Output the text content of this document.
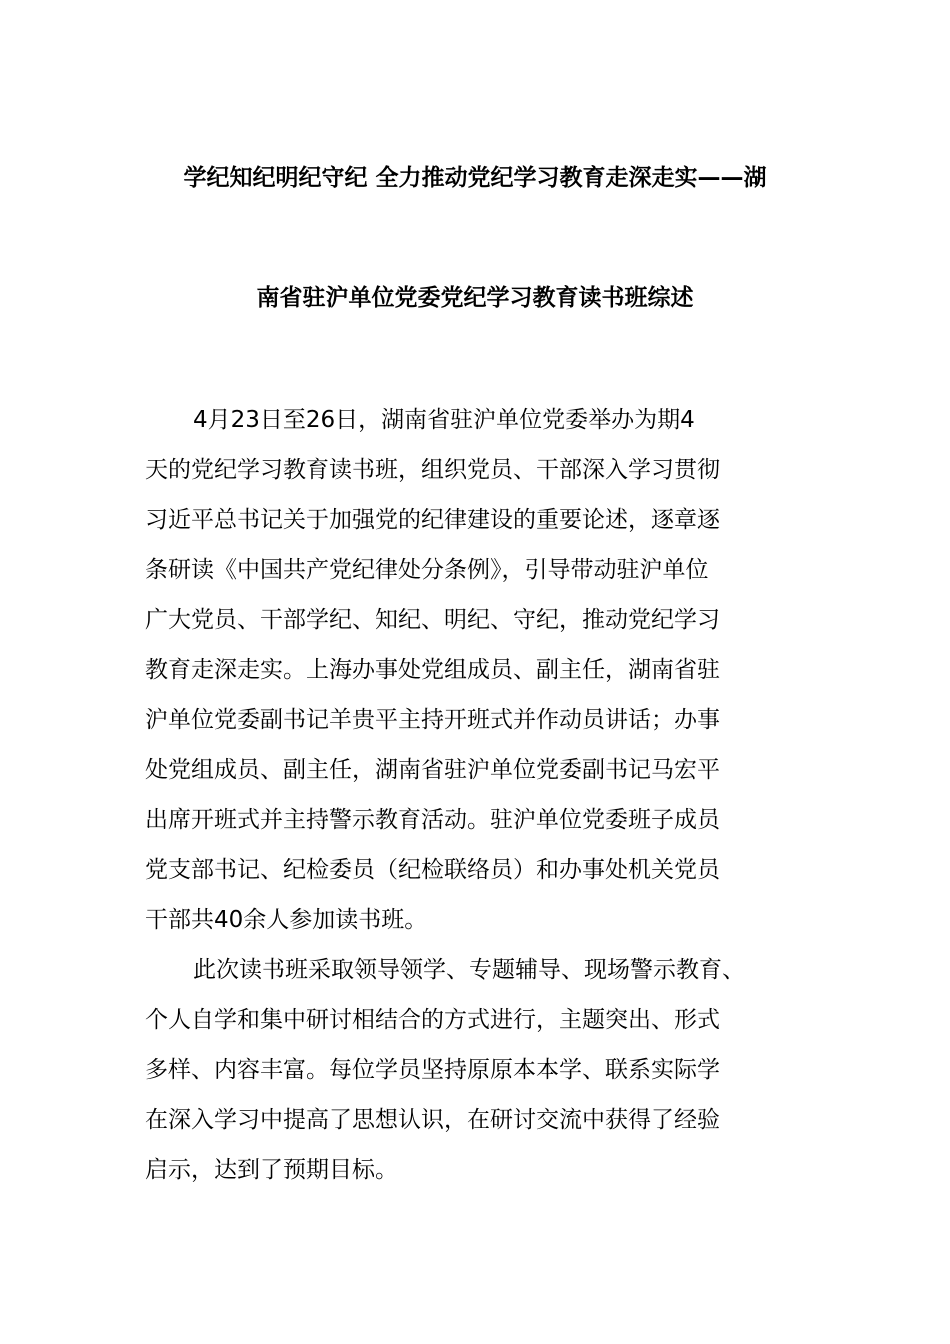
学纪知纪明纪守纪 全力推动党纪学习教育走深走实——湖
南省驻沪单位党委党纪学习教育读书班综述
4月23日至26日，湖南省驻沪单位党委举办为期4
天的党纪学习教育读书班，组织党员、干部深入学习贯彻
习近平总书记关于加强党的纪律建设的重要论述，逐章逐
条研读《中国共产党纪律处分条例》，引导带动驻沪单位
广大党员、干部学纪、知纪、明纪、守纪，推动党纪学习
教育走深走实。上海办事处党组成员、副主任，湖南省驻
沪单位党委副书记羊贵平主持开班式并作动员讲话；办事
处党组成员、副主任，湖南省驻沪单位党委副书记马宏平
出席开班式并主持警示教育活动。驻沪单位党委班子成员
党支部书记、纪检委员（纪检联络员）和办事处机关党员
干部共40余人参加读书班。
此次读书班采取领导领学、专题辅导、现场警示教育、
个人自学和集中研讨相结合的方式进行，主题突出、形式
多样、内容丰富。每位学员坚持原原本本学、联系实际学
在深入学习中提高了思想认识，在研讨交流中获得了经验
启示，达到了预期目标。
